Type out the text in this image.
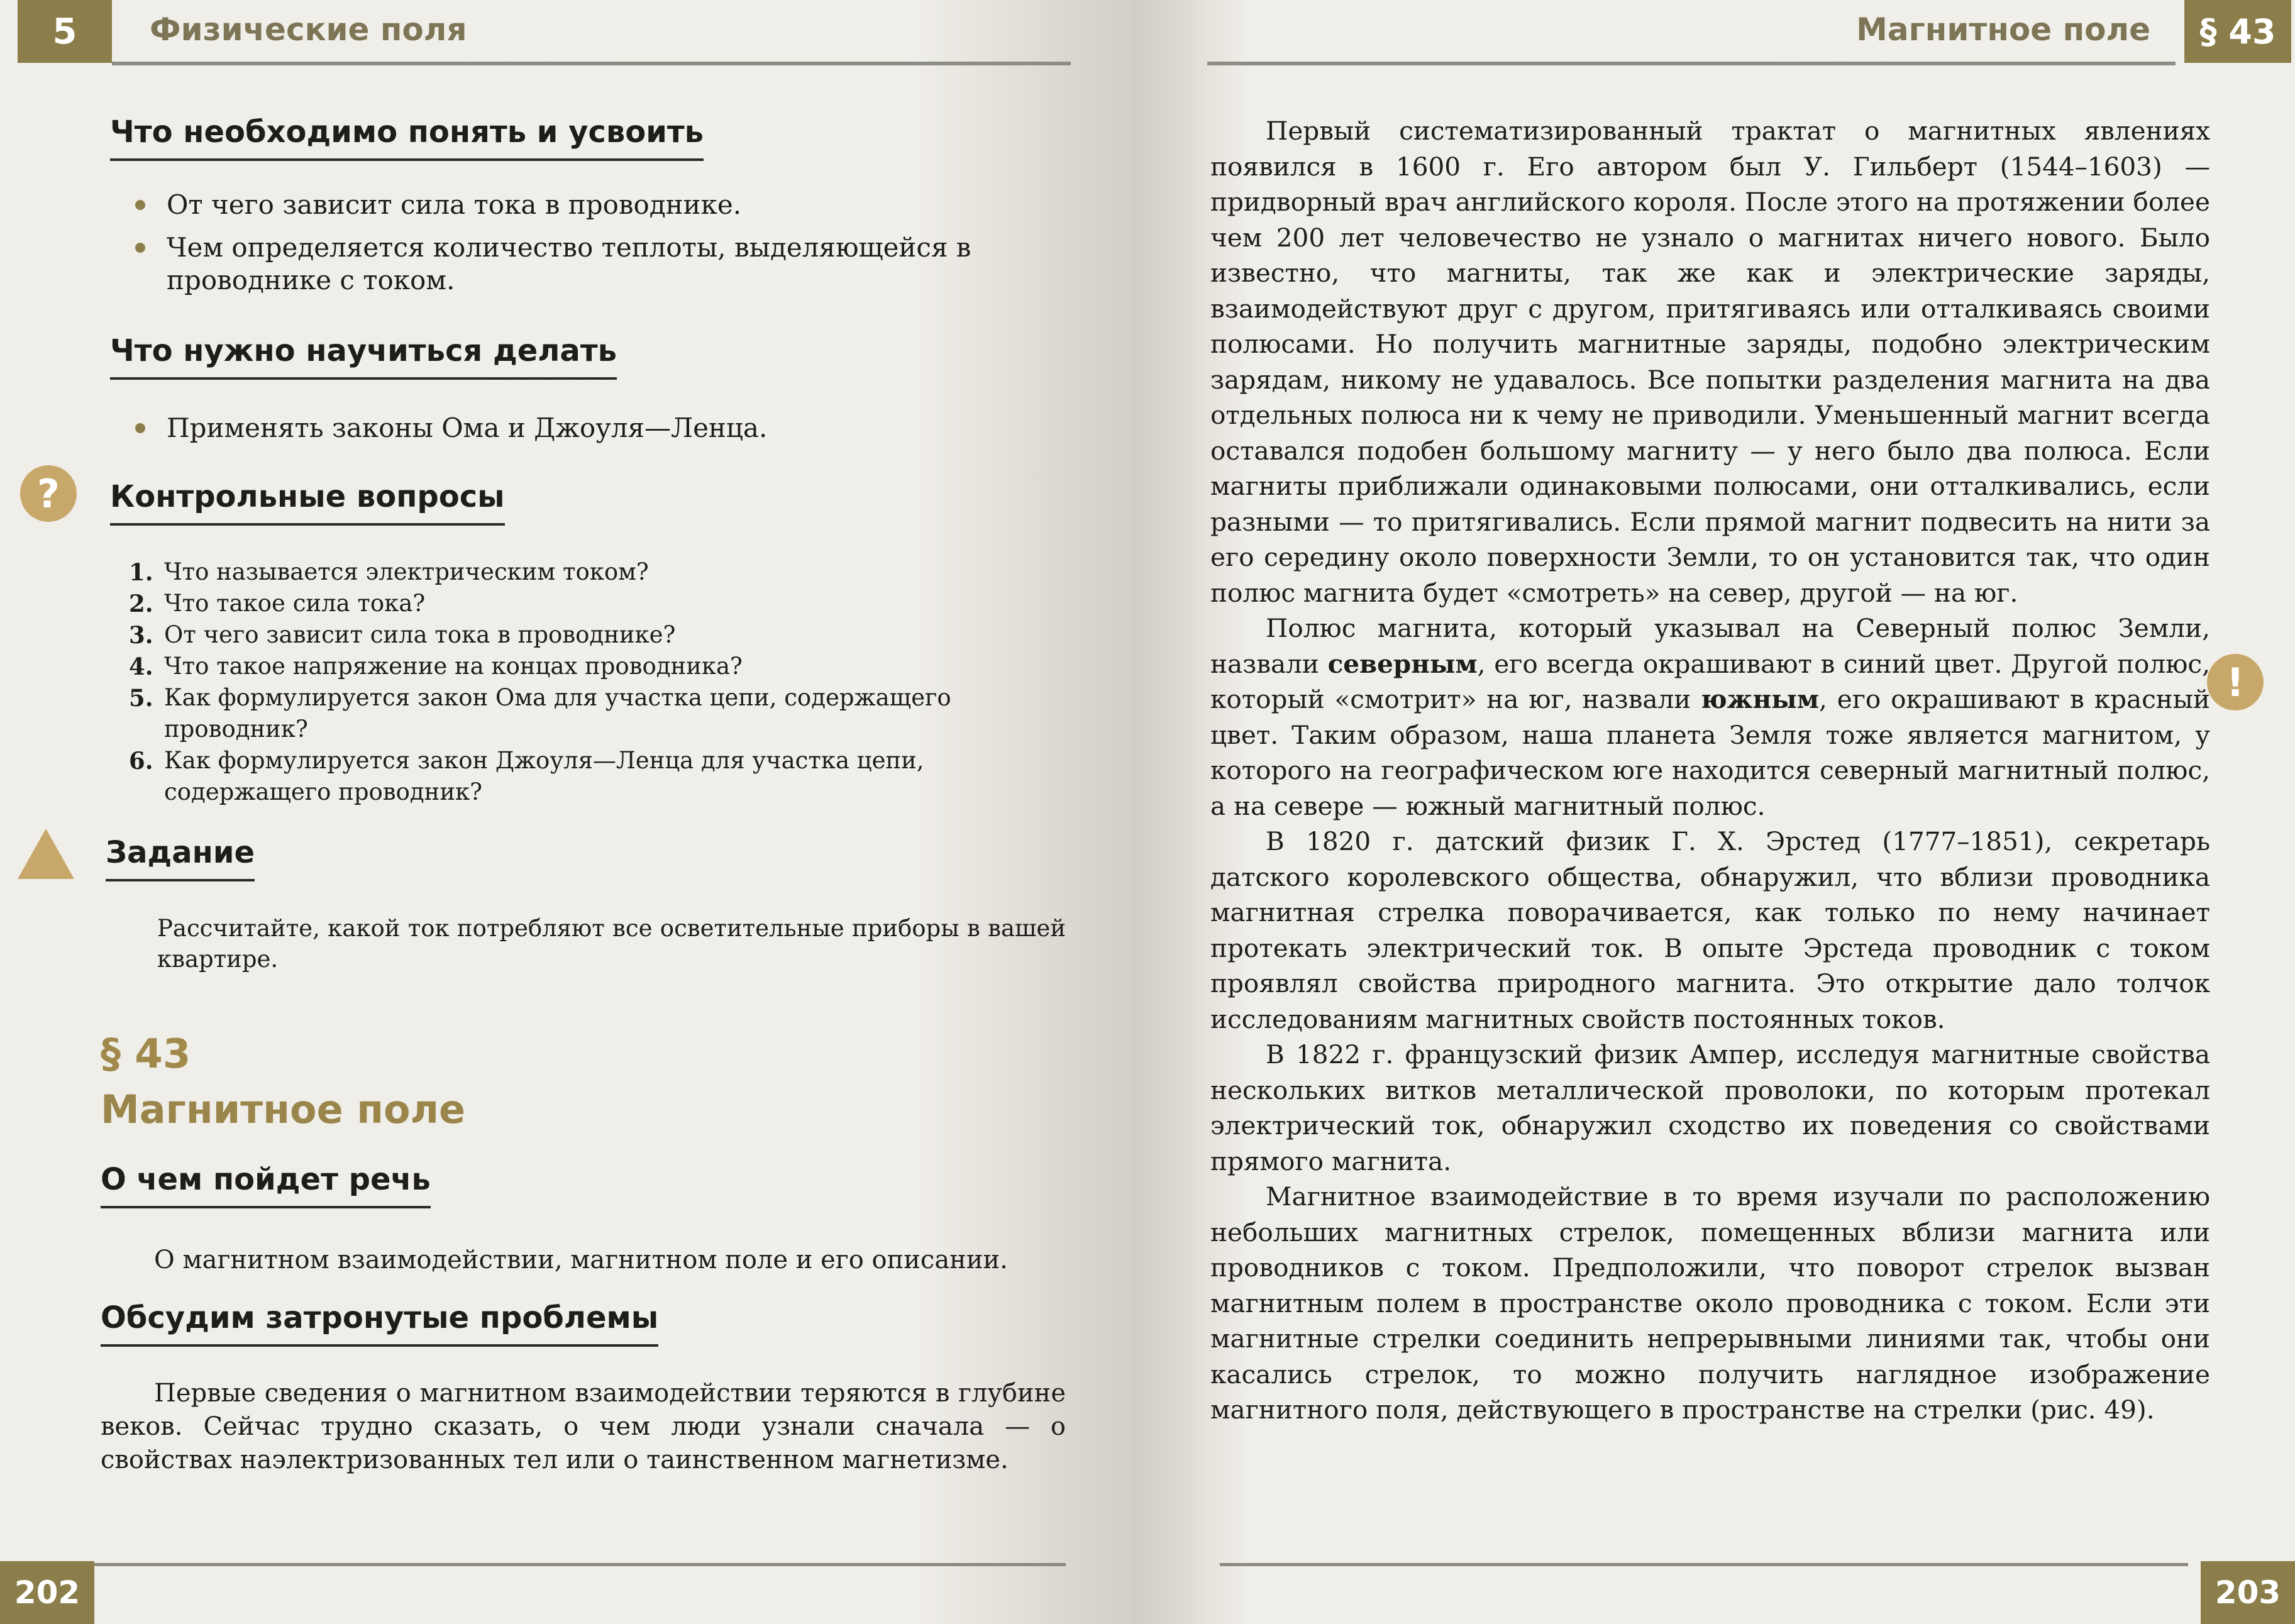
5	Физические поля
Что необходимо понять и усвоить
От чего зависит сила тока в проводнике.
Чем определяется количество теплоты, выделяющейся в проводнике с током.
Что нужно научиться делать
Применять законы Ома и Джоуля—Ленца.
?	Контрольные вопросы
1. Что называется электрическим током?
2. Что такое сила тока?
3. От чего зависит сила тока в проводнике?
4. Что такое напряжение на концах проводника?
5. Как формулируется закон Ома для участка цепи, содержащего проводник?
6. Как формулируется закон Джоуля—Ленца для участка цепи, содержащего проводник?
Задание

Рассчитайте, какой ток потребляют все осветительные приборы в вашей квартире.

§ 43
Магнитное поле
О чем пойдет речь

О магнитном взаимодействии, магнитном поле и его описании.

Обсудим затронутые проблемы

Первые сведения о магнитном взаимодействии теряются в глубине веков. Сейчас трудно сказать, о чем люди узнали сначала — о свойствах наэлектризованных тел или о таинственном магнетизме.

202
Магнитное поле	§ 43

Первый систематизированный трактат о магнитных явлениях появился в 1600 г. Его автором был У. Гильберт (1544–1603) — придворный врач английского короля. После этого на протяжении более чем 200 лет человечество не узнало о магнитах ничего нового. Было известно, что магниты, так же как и электрические заряды, взаимодействуют друг с другом, притягиваясь или отталкиваясь своими полюсами. Но получить магнитные заряды, подобно электрическим зарядам, никому не удавалось. Все попытки разделения магнита на два отдельных полюса ни к чему не приводили. Уменьшенный магнит всегда оставался подобен большому магниту — у него было два полюса. Если магниты приближали одинаковыми полюсами, они отталкивались, если разными — то притягивались. Если прямой магнит подвесить на нити за его середину около поверхности Земли, то он установится так, что один полюс магнита будет «смотреть» на север, другой — на юг.

Полюс магнита, который указывал на Северный полюс Земли, назвали северным, его всегда окрашивают в синий цвет. Другой полюс, который «смотрит» на юг, назвали южным, его окрашивают в красный цвет. Таким образом, наша планета Земля тоже является магнитом, у которого на географическом юге находится северный магнитный полюс, а на севере — южный магнитный полюс.

В 1820 г. датский физик Г. Х. Эрстед (1777–1851), секретарь датского королевского общества, обнаружил, что вблизи проводника магнитная стрелка поворачивается, как только по нему начинает протекать электрический ток. В опыте Эрстеда проводник с током проявлял свойства природного магнита. Это открытие дало толчок исследованиям магнитных свойств постоянных токов.

В 1822 г. французский физик Ампер, исследуя магнитные свойства нескольких витков металлической проволоки, по которым протекал электрический ток, обнаружил сходство их поведения со свойствами прямого магнита.

Магнитное взаимодействие в то время изучали по расположению небольших магнитных стрелок, помещенных вблизи магнита или проводников с током. Предположили, что поворот стрелок вызван магнитным полем в пространстве около проводника с током. Если эти магнитные стрелки соединить непрерывными линиями так, чтобы они касались стрелок, то можно получить наглядное изображение магнитного поля, действующего в пространстве на стрелки (рис. 49).

!
203
